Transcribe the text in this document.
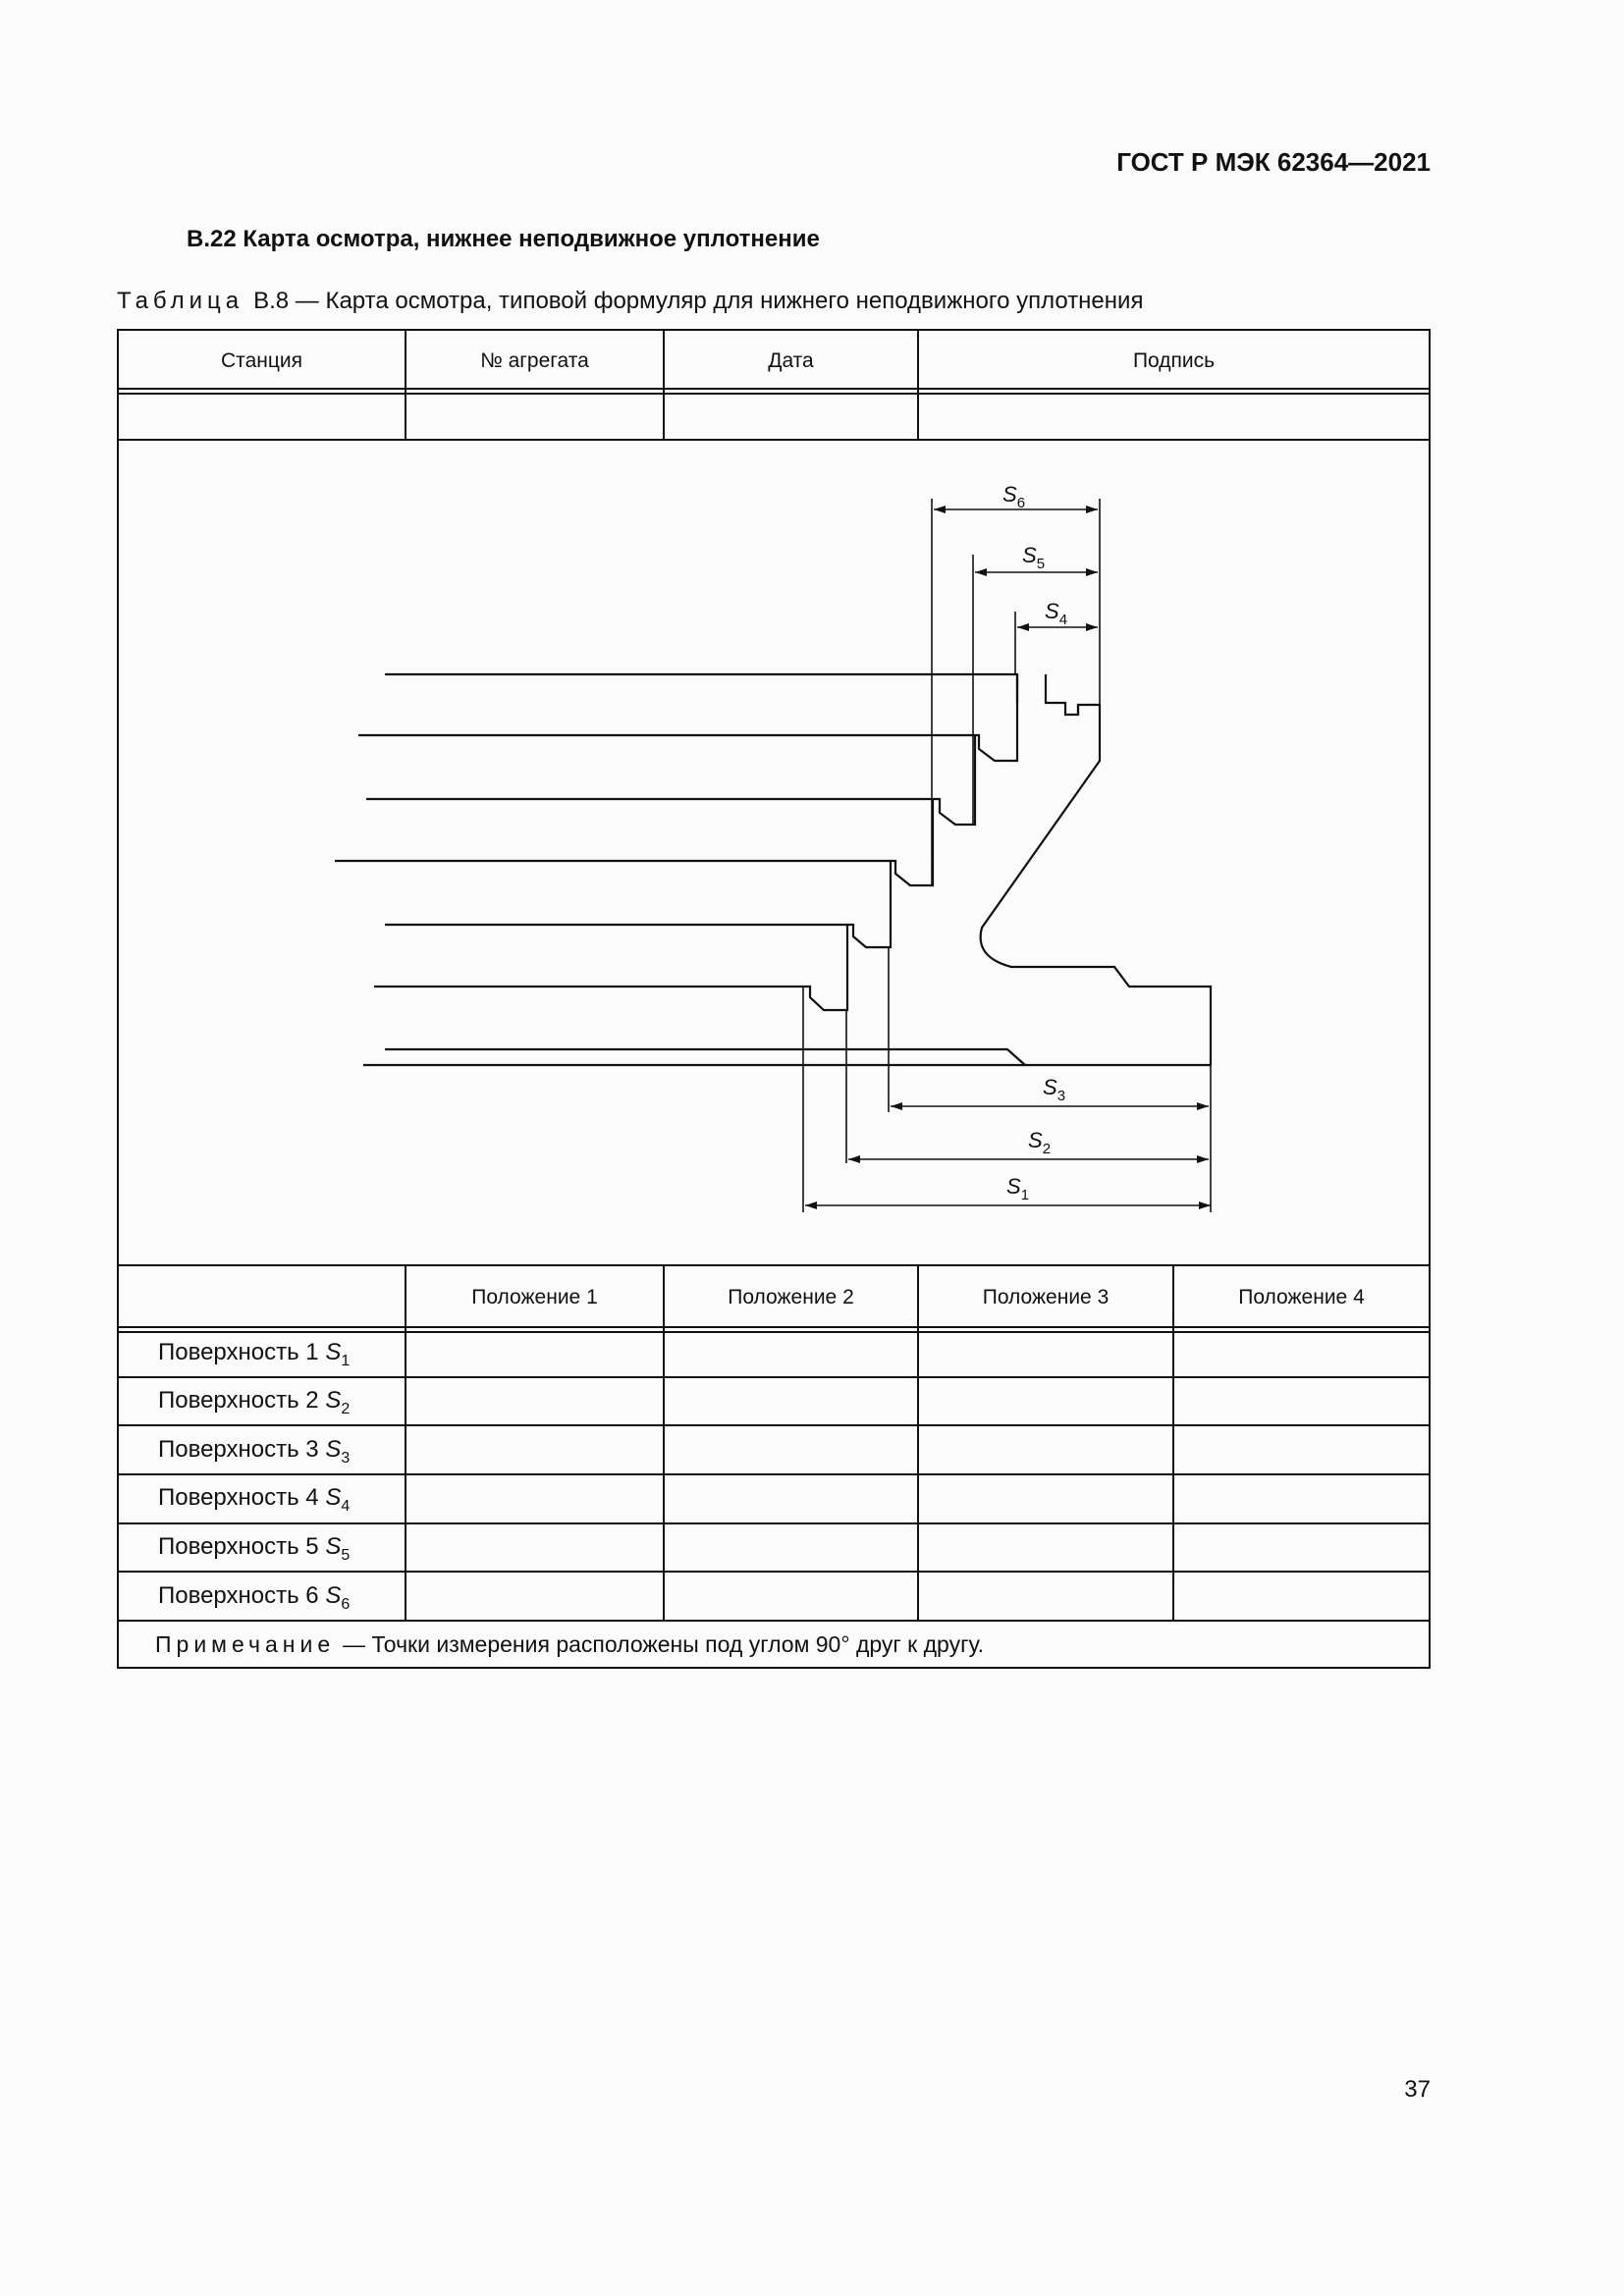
ГОСТ Р МЭК 62364—2021
B.22 Карта осмотра, нижнее неподвижное уплотнение
Таблица B.8 — Карта осмотра, типовой формуляр для нижнего неподвижного уплотнения
Станция	№ агрегата	Дата	Подпись
Положение 1	Положение 2	Положение 3	Положение 4
Поверхность 1 $S_1$
Поверхность 2 $S_2$
Поверхность 3 $S_3$
Поверхность 4 $S_4$
Поверхность 5 $S_5$
Поверхность 6 $S_6$
Примечание — Точки измерения расположены под углом 90° друг к другу.
$S_6$
$S_5$
$S_4$
$S_3$
$S_2$
$S_1$
37
